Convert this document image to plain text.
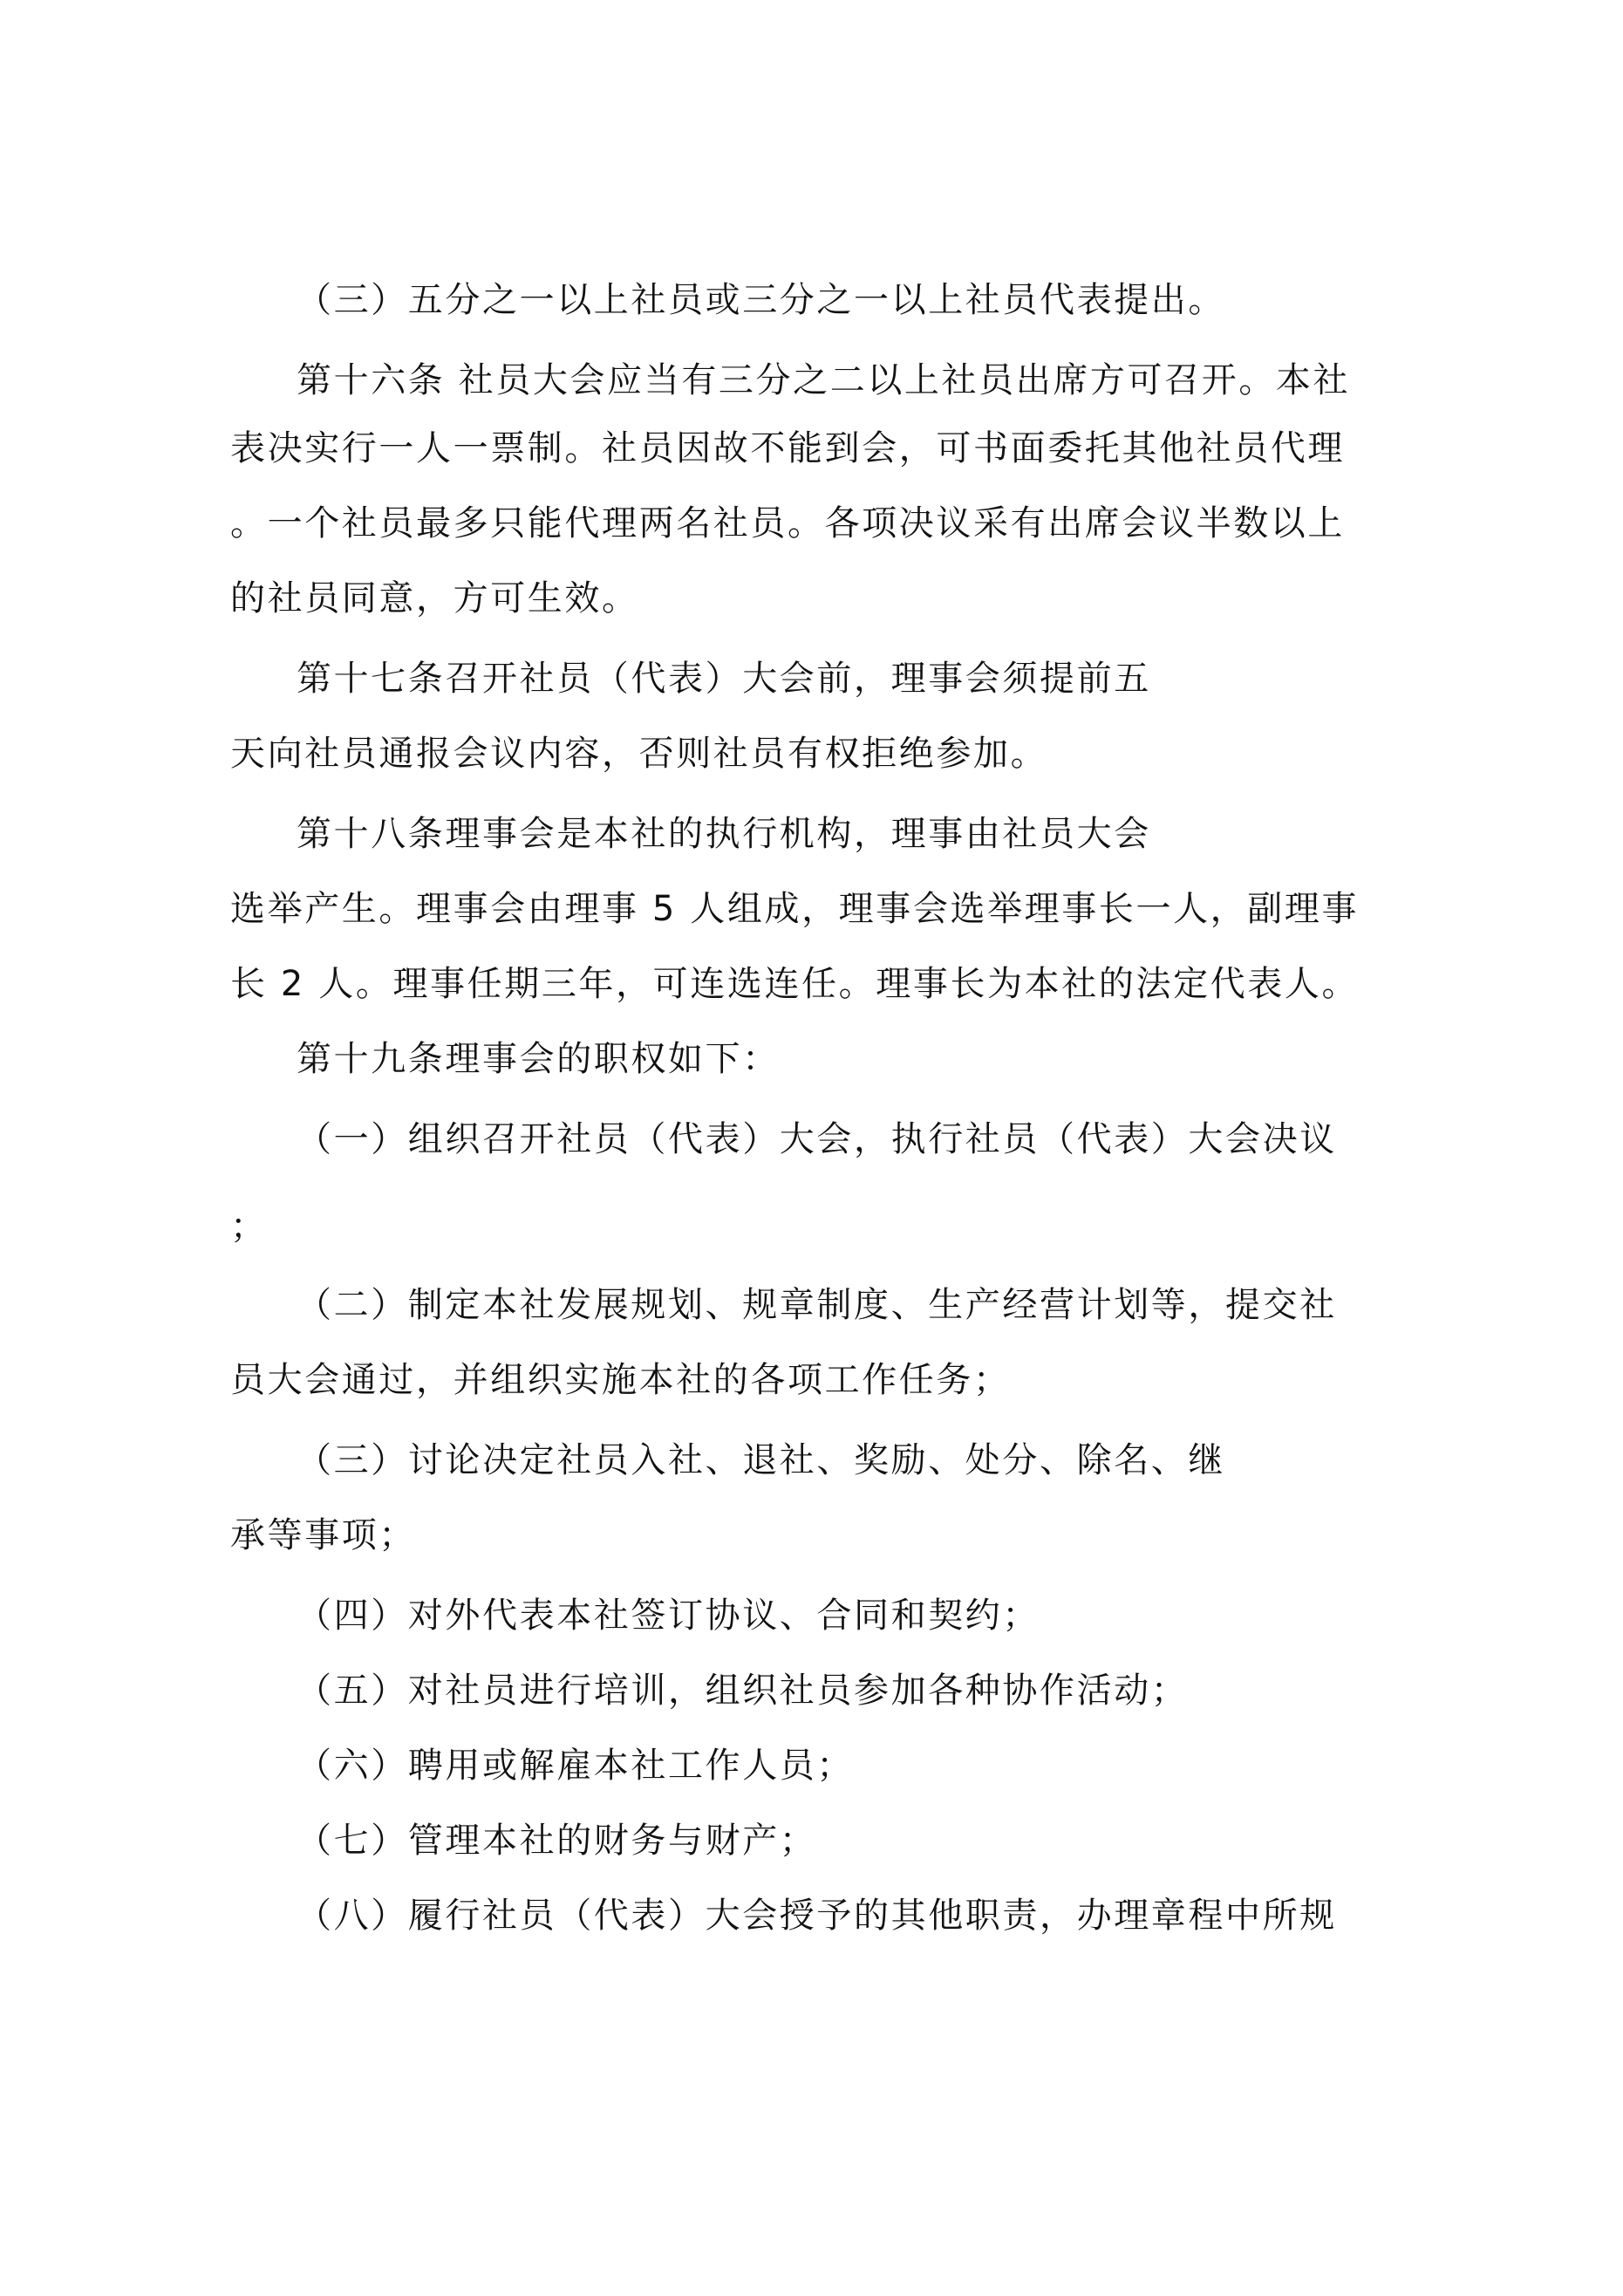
（三）五分之一以上社员或三分之一以上社员代表提出。

第十六条 社员大会应当有三分之二以上社员出席方可召开。本社

表决实行一人一票制。社员因故不能到会，可书面委托其他社员代理

。一个社员最多只能代理两名社员。各项决议采有出席会议半数以上

的社员同意，方可生效。

第十七条召开社员（代表）大会前，理事会须提前五

天向社员通报会议内容，否则社员有权拒绝参加。

第十八条理事会是本社的执行机构，理事由社员大会

选举产生。理事会由理事 5 人组成，理事会选举理事长一人，副理事

长 2 人。理事任期三年，可连选连任。理事长为本社的法定代表人。

第十九条理事会的职权如下：

（一）组织召开社员（代表）大会，执行社员（代表）大会决议

；

（二）制定本社发展规划、规章制度、生产经营计划等，提交社

员大会通过，并组织实施本社的各项工作任务；

（三）讨论决定社员入社、退社、奖励、处分、除名、继

承等事项；

（四）对外代表本社签订协议、合同和契约；

（五）对社员进行培训，组织社员参加各种协作活动；

（六）聘用或解雇本社工作人员；

（七）管理本社的财务与财产；

（八）履行社员（代表）大会授予的其他职责，办理章程中所规
